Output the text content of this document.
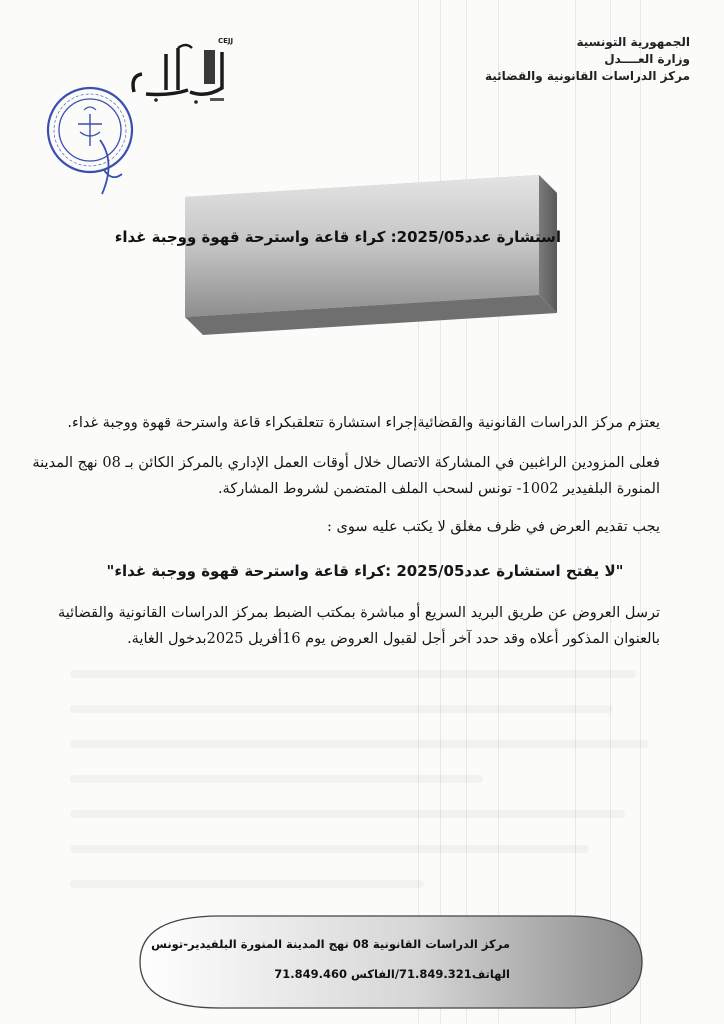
الجمهورية التونسية
وزارة العــــدل
مركز الدراسات القانونية والقضائية
CEJJ
استشارة عدد2025/05: كراء قاعة واسترحة قهوة ووجبة غداء
يعتزم مركز الدراسات القانونية والقضائيةإجراء استشارة تتعلقبكراء قاعة واسترحة قهوة ووجبة غداء.
فعلى المزودين الراغبين في المشاركة الاتصال خلال أوقات العمل الإداري بالمركز الكائن بـ 08 نهج المدينة
المنورة البلفيدير 1002- تونس لسحب الملف المتضمن لشروط المشاركة.
يجب تقديم العرض في ظرف مغلق لا يكتب عليه سوى :
"لا يفتح استشارة عدد2025/05 :كراء قاعة واسترحة قهوة ووجبة غداء"
ترسل العروض عن طريق البريد السريع أو مباشرة بمكتب الضبط بمركز الدراسات القانونية والقضائية
بالعنوان المذكور أعلاه وقد حدد آخر أجل لقبول العروض يوم 16أفريل 2025بدخول الغاية.
مركز الدراسات القانونية 08 نهج المدينة المنورة البلفيدير-تونس
الهاتف71.849.321/الفاكس 71.849.460
